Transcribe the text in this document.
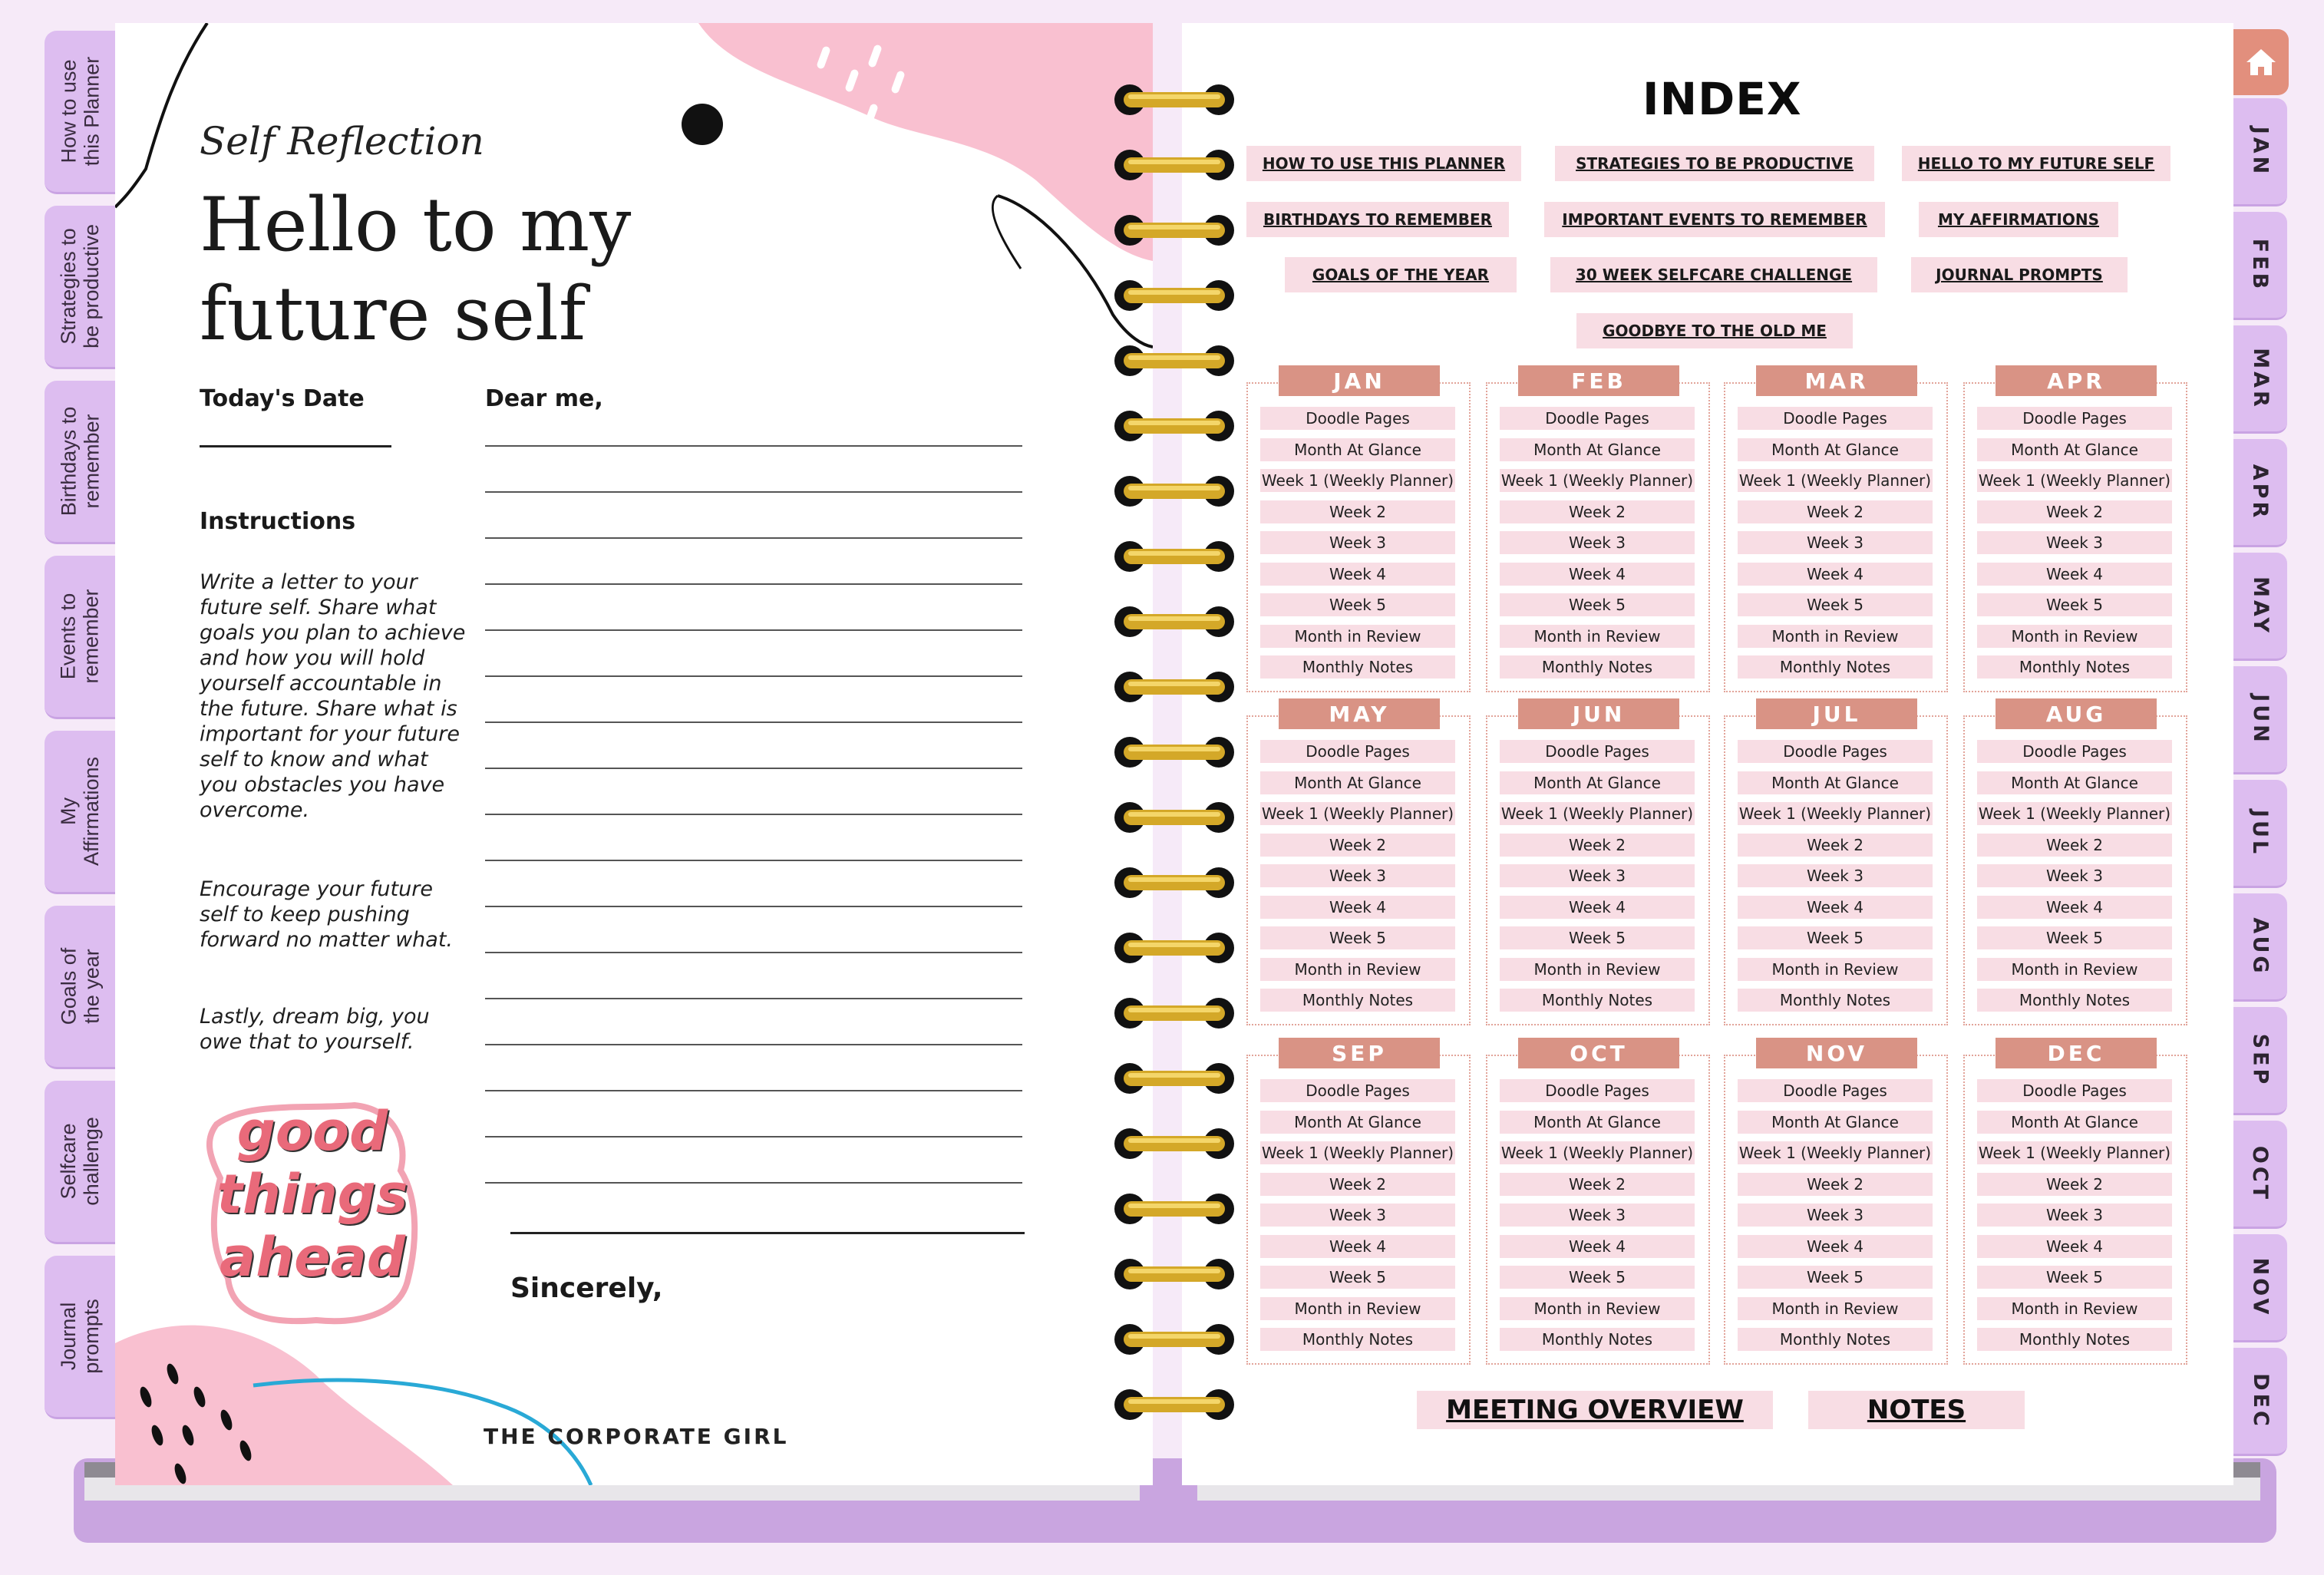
How to use this Planner
Strategies to be productive
Birthdays to remember
Events to remember
My Affirmations
Goals of the year
Selfcare challenge
Journal prompts
Self Reflection
Hello to my
future self
Today's Date	Dear me,
Instructions
Write a letter to your future self. Share what goals you plan to achieve and how you will hold yourself accountable in the future. Share what is important for your future self to know and what you obstacles you have overcome.
Encourage your future self to keep pushing forward no matter what.
Lastly, dream big, you owe that to yourself.
Sincerely,
good
things
ahead
THE CORPORATE GIRL
JAN
FEB
MAR
APR
MAY
JUN
JUL
AUG
SEP
OCT
NOV
DEC
INDEX
HOW TO USE THIS PLANNER	STRATEGIES TO BE PRODUCTIVE	HELLO TO MY FUTURE SELF
BIRTHDAYS TO REMEMBER	IMPORTANT EVENTS TO REMEMBER	MY AFFIRMATIONS
GOALS OF THE YEAR	30 WEEK SELFCARE CHALLENGE	JOURNAL PROMPTS
GOODBYE TO THE OLD ME
JAN
Doodle Pages
Month At Glance
Week 1 (Weekly Planner)
Week 2
Week 3
Week 4
Week 5
Month in Review
Monthly Notes
FEB
Doodle Pages
Month At Glance
Week 1 (Weekly Planner)
Week 2
Week 3
Week 4
Week 5
Month in Review
Monthly Notes
MAR
Doodle Pages
Month At Glance
Week 1 (Weekly Planner)
Week 2
Week 3
Week 4
Week 5
Month in Review
Monthly Notes
APR
Doodle Pages
Month At Glance
Week 1 (Weekly Planner)
Week 2
Week 3
Week 4
Week 5
Month in Review
Monthly Notes
MAY
Doodle Pages
Month At Glance
Week 1 (Weekly Planner)
Week 2
Week 3
Week 4
Week 5
Month in Review
Monthly Notes
JUN
Doodle Pages
Month At Glance
Week 1 (Weekly Planner)
Week 2
Week 3
Week 4
Week 5
Month in Review
Monthly Notes
JUL
Doodle Pages
Month At Glance
Week 1 (Weekly Planner)
Week 2
Week 3
Week 4
Week 5
Month in Review
Monthly Notes
AUG
Doodle Pages
Month At Glance
Week 1 (Weekly Planner)
Week 2
Week 3
Week 4
Week 5
Month in Review
Monthly Notes
SEP
Doodle Pages
Month At Glance
Week 1 (Weekly Planner)
Week 2
Week 3
Week 4
Week 5
Month in Review
Monthly Notes
OCT
Doodle Pages
Month At Glance
Week 1 (Weekly Planner)
Week 2
Week 3
Week 4
Week 5
Month in Review
Monthly Notes
NOV
Doodle Pages
Month At Glance
Week 1 (Weekly Planner)
Week 2
Week 3
Week 4
Week 5
Month in Review
Monthly Notes
DEC
Doodle Pages
Month At Glance
Week 1 (Weekly Planner)
Week 2
Week 3
Week 4
Week 5
Month in Review
Monthly Notes
MEETING OVERVIEW	NOTES
